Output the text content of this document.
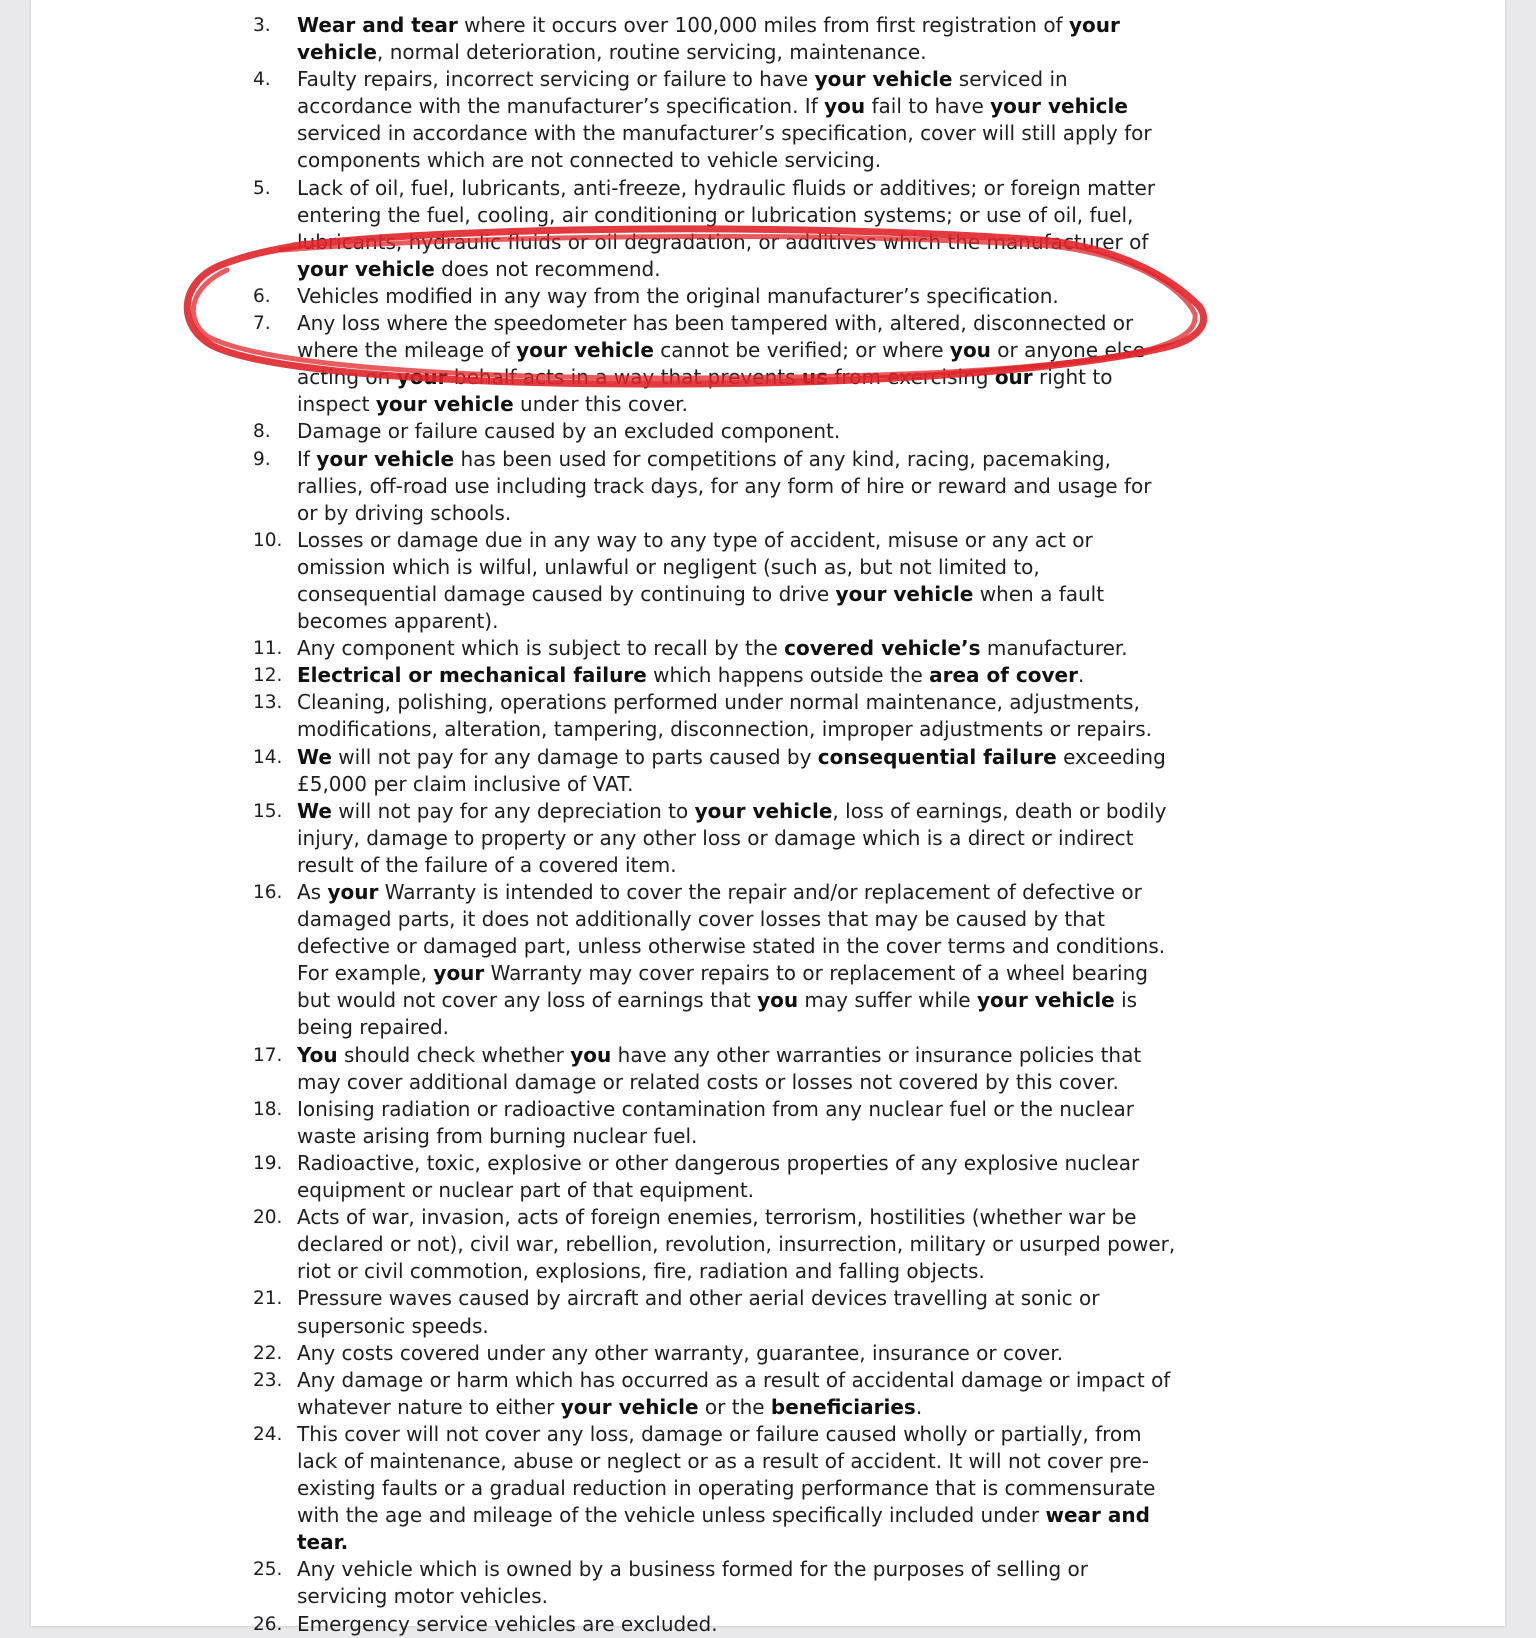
3. Wear and tear where it occurs over 100,000 miles from first registration of your vehicle, normal deterioration, routine servicing, maintenance.
4. Faulty repairs, incorrect servicing or failure to have your vehicle serviced in accordance with the manufacturer’s specification. If you fail to have your vehicle serviced in accordance with the manufacturer’s specification, cover will still apply for components which are not connected to vehicle servicing.
5. Lack of oil, fuel, lubricants, anti-freeze, hydraulic fluids or additives; or foreign matter entering the fuel, cooling, air conditioning or lubrication systems; or use of oil, fuel, lubricants, hydraulic fluids or oil degradation, or additives which the manufacturer of your vehicle does not recommend.
6. Vehicles modified in any way from the original manufacturer’s specification.
7. Any loss where the speedometer has been tampered with, altered, disconnected or where the mileage of your vehicle cannot be verified; or where you or anyone else acting on your behalf acts in a way that prevents us from exercising our right to inspect your vehicle under this cover.
8. Damage or failure caused by an excluded component.
9. If your vehicle has been used for competitions of any kind, racing, pacemaking, rallies, off-road use including track days, for any form of hire or reward and usage for or by driving schools.
10. Losses or damage due in any way to any type of accident, misuse or any act or omission which is wilful, unlawful or negligent (such as, but not limited to, consequential damage caused by continuing to drive your vehicle when a fault becomes apparent).
11. Any component which is subject to recall by the covered vehicle’s manufacturer.
12. Electrical or mechanical failure which happens outside the area of cover.
13. Cleaning, polishing, operations performed under normal maintenance, adjustments, modifications, alteration, tampering, disconnection, improper adjustments or repairs.
14. We will not pay for any damage to parts caused by consequential failure exceeding £5,000 per claim inclusive of VAT.
15. We will not pay for any depreciation to your vehicle, loss of earnings, death or bodily injury, damage to property or any other loss or damage which is a direct or indirect result of the failure of a covered item.
16. As your Warranty is intended to cover the repair and/or replacement of defective or damaged parts, it does not additionally cover losses that may be caused by that defective or damaged part, unless otherwise stated in the cover terms and conditions. For example, your Warranty may cover repairs to or replacement of a wheel bearing but would not cover any loss of earnings that you may suffer while your vehicle is being repaired.
17. You should check whether you have any other warranties or insurance policies that may cover additional damage or related costs or losses not covered by this cover.
18. Ionising radiation or radioactive contamination from any nuclear fuel or the nuclear waste arising from burning nuclear fuel.
19. Radioactive, toxic, explosive or other dangerous properties of any explosive nuclear equipment or nuclear part of that equipment.
20. Acts of war, invasion, acts of foreign enemies, terrorism, hostilities (whether war be declared or not), civil war, rebellion, revolution, insurrection, military or usurped power, riot or civil commotion, explosions, fire, radiation and falling objects.
21. Pressure waves caused by aircraft and other aerial devices travelling at sonic or supersonic speeds.
22. Any costs covered under any other warranty, guarantee, insurance or cover.
23. Any damage or harm which has occurred as a result of accidental damage or impact of whatever nature to either your vehicle or the beneficiaries.
24. This cover will not cover any loss, damage or failure caused wholly or partially, from lack of maintenance, abuse or neglect or as a result of accident. It will not cover pre-existing faults or a gradual reduction in operating performance that is commensurate with the age and mileage of the vehicle unless specifically included under wear and tear.
25. Any vehicle which is owned by a business formed for the purposes of selling or servicing motor vehicles.
26. Emergency service vehicles are excluded.
